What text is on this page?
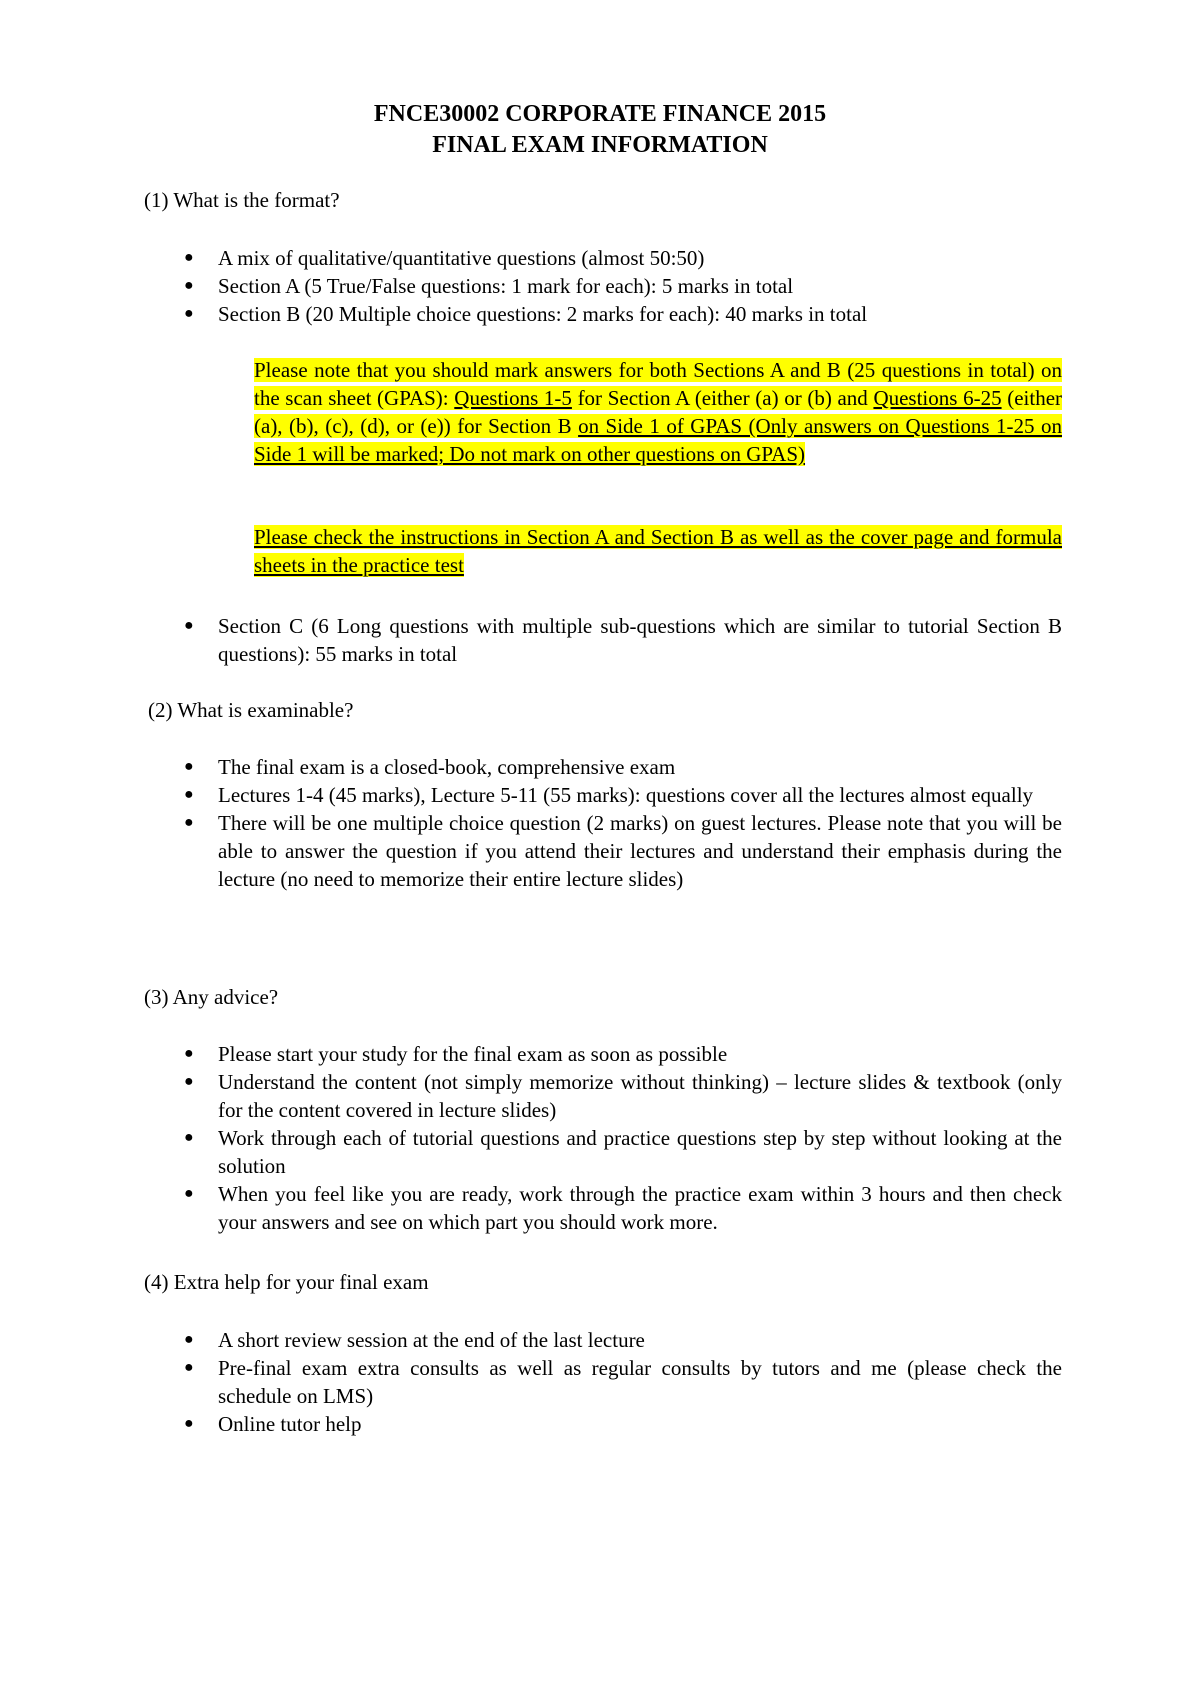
FNCE30002 CORPORATE FINANCE 2015
FINAL EXAM INFORMATION
(1) What is the format?
● A mix of qualitative/quantitative questions (almost 50:50)
● Section A (5 True/False questions: 1 mark for each): 5 marks in total
● Section B (20 Multiple choice questions: 2 marks for each): 40 marks in total
Please note that you should mark answers for both Sections A and B (25 questions in total) on the scan sheet (GPAS): Questions 1-5 for Section A (either (a) or (b) and Questions 6-25 (either (a), (b), (c), (d), or (e)) for Section B on Side 1 of GPAS (Only answers on Questions 1-25 on Side 1 will be marked; Do not mark on other questions on GPAS)
Please check the instructions in Section A and Section B as well as the cover page and formula sheets in the practice test
● Section C (6 Long questions with multiple sub-questions which are similar to tutorial Section B questions): 55 marks in total
(2) What is examinable?
● The final exam is a closed-book, comprehensive exam
● Lectures 1-4 (45 marks), Lecture 5-11 (55 marks): questions cover all the lectures almost equally
● There will be one multiple choice question (2 marks) on guest lectures. Please note that you will be able to answer the question if you attend their lectures and understand their emphasis during the lecture (no need to memorize their entire lecture slides)
(3) Any advice?
● Please start your study for the final exam as soon as possible
● Understand the content (not simply memorize without thinking) – lecture slides & textbook (only for the content covered in lecture slides)
● Work through each of tutorial questions and practice questions step by step without looking at the solution
● When you feel like you are ready, work through the practice exam within 3 hours and then check your answers and see on which part you should work more.
(4) Extra help for your final exam
● A short review session at the end of the last lecture
● Pre-final exam extra consults as well as regular consults by tutors and me (please check the schedule on LMS)
● Online tutor help
